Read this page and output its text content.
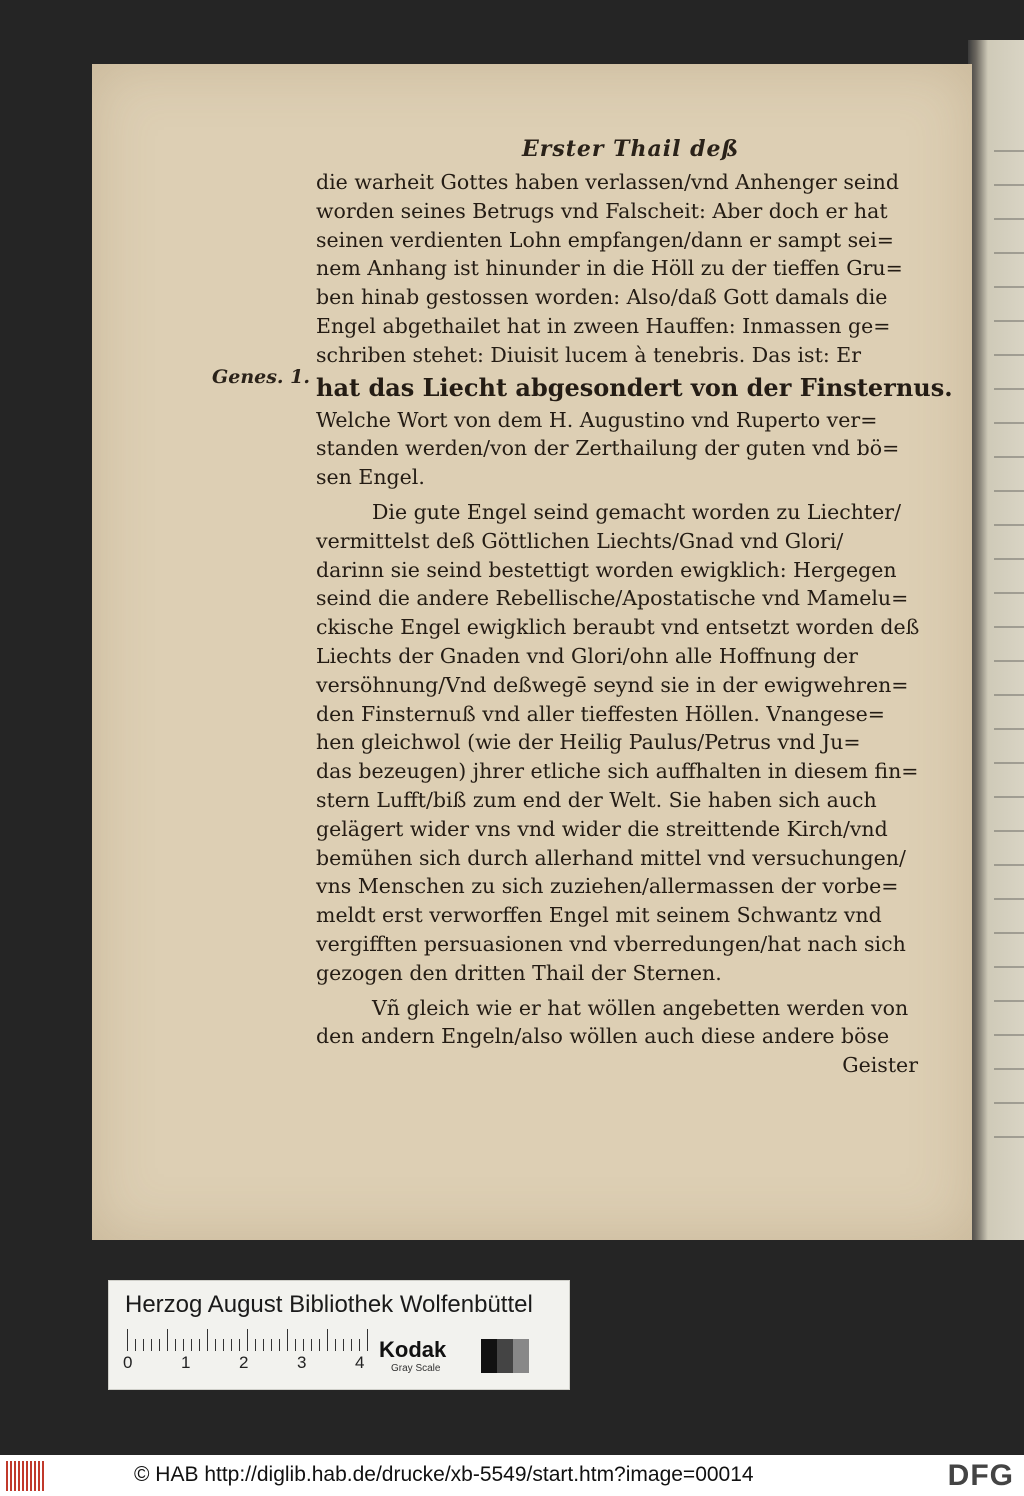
Erster Thail deß
Genes. 1.
die warheit Gottes haben verlassen/vnd Anhenger seind
worden seines Betrugs vnd Falscheit: Aber doch er hat
seinen verdienten Lohn empfangen/dann er sampt sei=
nem Anhang ist hinunder in die Höll zu der tieffen Gru=
ben hinab gestossen worden: Also/daß Gott damals die
Engel abgethailet hat in zween Hauffen: Inmassen ge=
schriben stehet: Diuisit lucem à tenebris. Das ist: Er
hat das Liecht abgesondert von der Finsternus.
Welche Wort von dem H. Augustino vnd Ruperto ver=
standen werden/von der Zerthailung der guten vnd bö=
sen Engel.
Die gute Engel seind gemacht worden zu Liechter/
vermittelst deß Göttlichen Liechts/Gnad vnd Glori/
darinn sie seind bestettigt worden ewigklich: Hergegen
seind die andere Rebellische/Apostatische vnd Mamelu=
ckische Engel ewigklich beraubt vnd entsetzt worden deß
Liechts der Gnaden vnd Glori/ohn alle Hoffnung der
versöhnung/Vnd deßwegē seynd sie in der ewigwehren=
den Finsternuß vnd aller tieffesten Höllen. Vnangese=
hen gleichwol (wie der Heilig Paulus/Petrus vnd Ju=
das bezeugen) jhrer etliche sich auffhalten in diesem fin=
stern Lufft/biß zum end der Welt. Sie haben sich auch
gelägert wider vns vnd wider die streittende Kirch/vnd
bemühen sich durch allerhand mittel vnd versuchungen/
vns Menschen zu sich zuziehen/allermassen der vorbe=
meldt erst verworffen Engel mit seinem Schwantz vnd
vergifften persuasionen vnd vberredungen/hat nach sich
gezogen den dritten Thail der Sternen.
Vñ gleich wie er hat wöllen angebetten werden von
den andern Engeln/also wöllen auch diese andere böse
Geister
Herzog August Bibliothek Wolfenbüttel
0	1	2	3	4
Kodak
Gray Scale
© HAB http://diglib.hab.de/drucke/xb-5549/start.htm?image=00014	DFG
